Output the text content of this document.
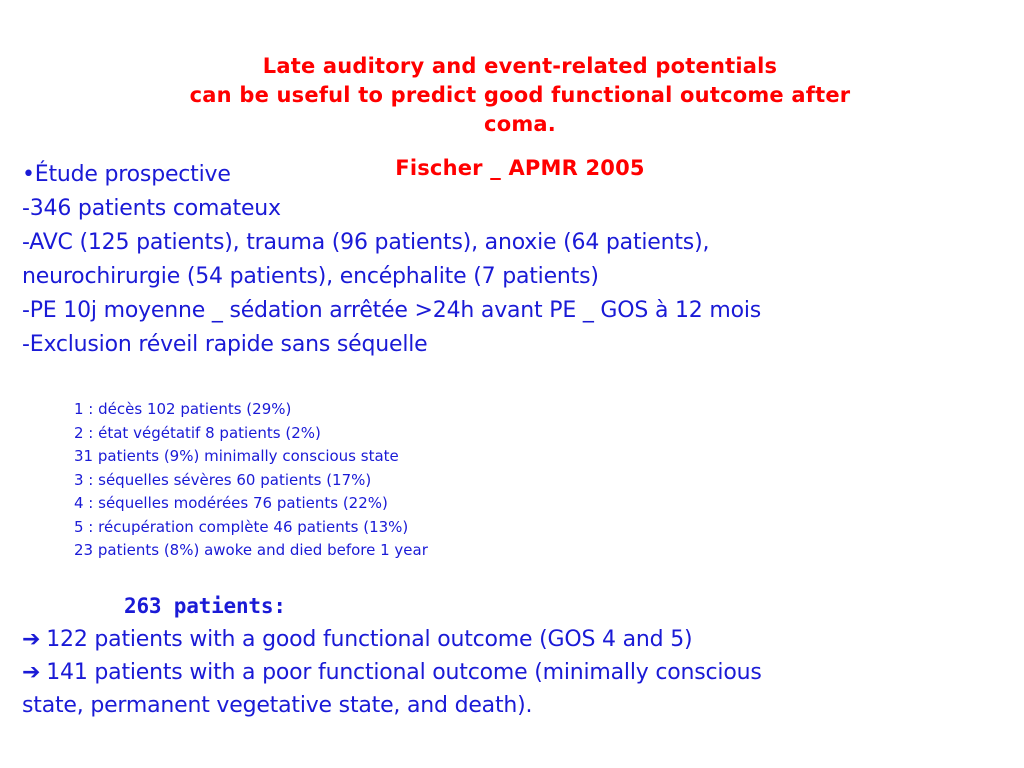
Late auditory and event-related potentials
can be useful to predict good functional outcome after
coma.
Fischer _ APMR 2005
•Étude prospective
-346 patients comateux
-AVC (125 patients), trauma (96 patients), anoxie (64 patients),
neurochirurgie (54 patients), encéphalite (7 patients)
-PE 10j moyenne _ sédation arrêtée >24h avant PE _ GOS à 12 mois
-Exclusion réveil rapide sans séquelle
1 : décès 102 patients (29%)
2 : état végétatif 8 patients (2%)
31 patients (9%) minimally conscious state
3 : séquelles sévères 60 patients (17%)
4 : séquelles modérées 76 patients (22%)
5 : récupération complète 46 patients (13%)
23 patients (8%) awoke and died before 1 year
263 patients:
➔ 122 patients with a good functional outcome (GOS 4 and 5)
➔ 141 patients with a poor functional outcome (minimally conscious
state, permanent vegetative state, and death).
